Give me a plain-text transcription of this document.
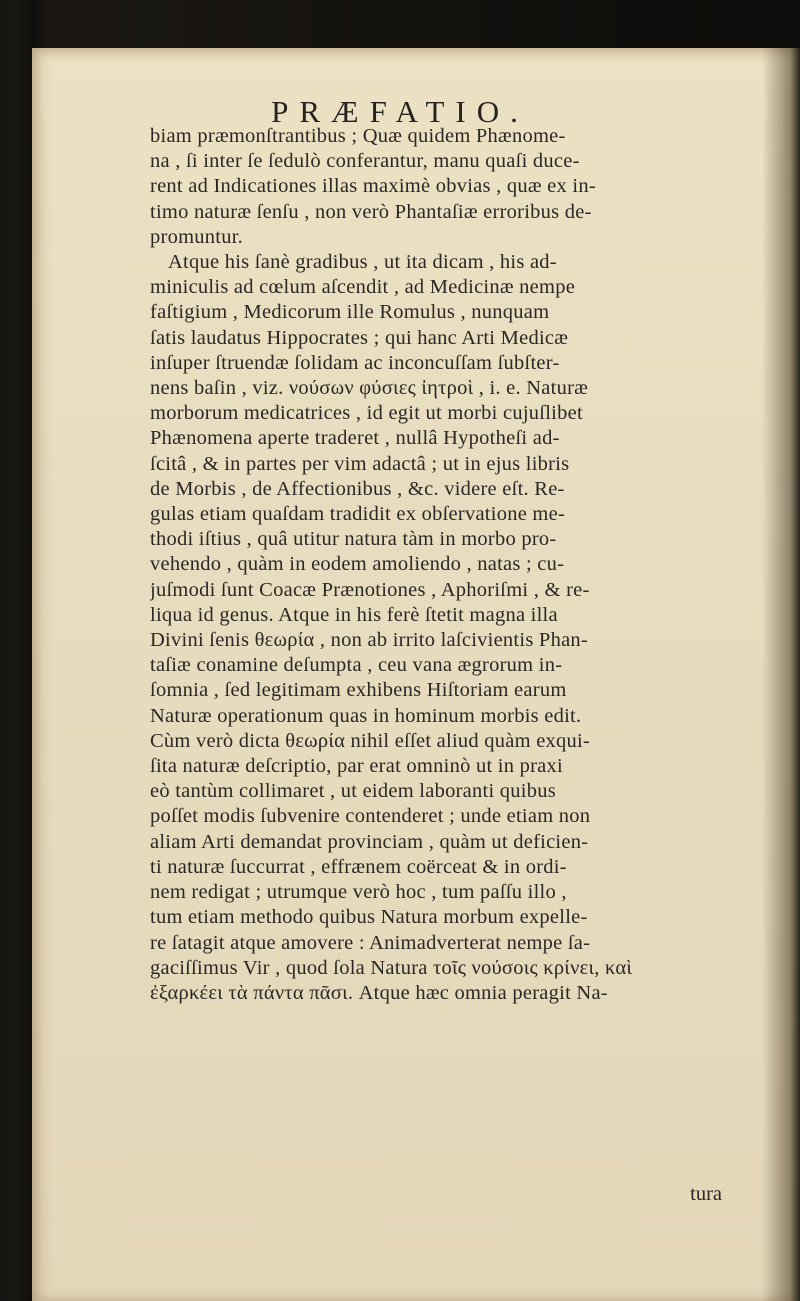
PRÆFATIO.
biam præmonſtrantibus ; Quæ quidem Phænome-
na , ſi inter ſe ſedulò conferantur, manu quaſi duce-
rent ad Indicationes illas maximè obvias , quæ ex in-
timo naturæ ſenſu , non verò Phantaſiæ erroribus de-
promuntur.
Atque his ſanè gradibus , ut ita dicam , his ad-
miniculis ad cœlum aſcendit , ad Medicinæ nempe
faſtigium , Medicorum ille Romulus , nunquam
ſatis laudatus Hippocrates ; qui hanc Arti Medicæ
inſuper ſtruendæ ſolidam ac inconcuſſam ſubſter-
nens baſin , viz. νούσων φύσιες ἰητροὶ , i. e. Naturæ
morborum medicatrices , id egit ut morbi cujuſlibet
Phænomena aperte traderet , nullâ Hypotheſi ad-
ſcitâ , & in partes per vim adactâ ; ut in ejus libris
de Morbis , de Affectionibus , &c. videre eſt. Re-
gulas etiam quaſdam tradidit ex obſervatione me-
thodi iſtius , quâ utitur natura tàm in morbo pro-
vehendo , quàm in eodem amoliendo , natas ; cu-
juſmodi ſunt Coacæ Prænotiones , Aphoriſmi , & re-
liqua id genus. Atque in his ferè ſtetit magna illa
Divini ſenis θεωρία , non ab irrito laſcivientis Phan-
taſiæ conamine deſumpta , ceu vana ægrorum in-
ſomnia , ſed legitimam exhibens Hiſtoriam earum
Naturæ operationum quas in hominum morbis edit.
Cùm verò dicta θεωρία nihil eſſet aliud quàm exqui-
ſita naturæ deſcriptio, par erat omninò ut in praxi
eò tantùm collimaret , ut eidem laboranti quibus
poſſet modis ſubvenire contenderet ; unde etiam non
aliam Arti demandat provinciam , quàm ut deficien-
ti naturæ ſuccurrat , effrænem coërceat & in ordi-
nem redigat ; utrumque verò hoc , tum paſſu illo ,
tum etiam methodo quibus Natura morbum expelle-
re ſatagit atque amovere : Animadverterat nempe ſa-
gaciſſimus Vir , quod ſola Natura τοῖς νούσοις κρίνει, καὶ
ἐξαρκέει τὰ πάντα πᾶσι. Atque hæc omnia peragit Na-
tura
